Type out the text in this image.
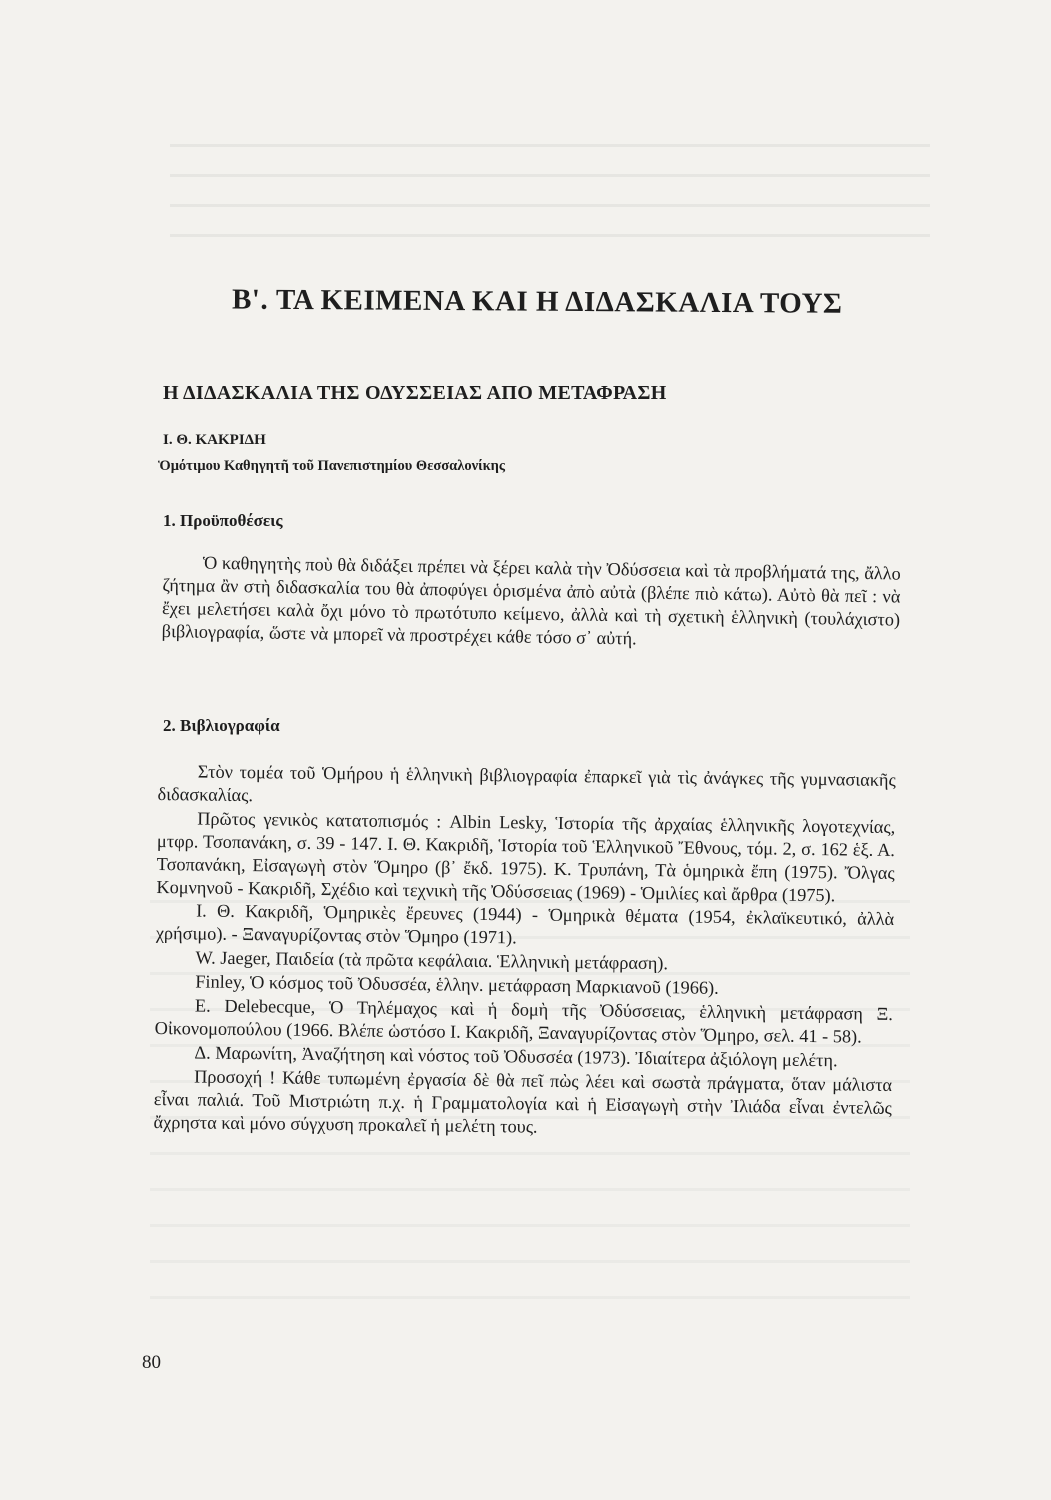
B'. ΤΑ ΚΕΙΜΕΝΑ ΚΑΙ Η ΔΙΔΑΣΚΑΛΙΑ ΤΟΥΣ
Η ΔΙΔΑΣΚΑΛΙΑ ΤΗΣ ΟΔΥΣΣΕΙΑΣ ΑΠΟ ΜΕΤΑΦΡΑΣΗ

Ι. Θ. ΚΑΚΡΙΔΗ

Ὁμότιμου Καθηγητῆ τοῦ Πανεπιστημίου Θεσσαλονίκης

1. Προϋποθέσεις

Ὁ καθηγητὴς ποὺ θὰ διδάξει πρέπει νὰ ξέρει καλὰ τὴν Ὀδύσσεια καὶ τὰ προβλήματά της, ἄλλο ζήτημα ἂν στὴ διδασκαλία του θὰ ἀποφύγει ὁρισμένα ἀπὸ αὐτὰ (βλέπε πιὸ κάτω). Αὐτὸ θὰ πεῖ : νὰ ἔχει μελετήσει καλὰ ὄχι μόνο τὸ πρωτότυπο κείμενο, ἀλλὰ καὶ τὴ σχετικὴ ἑλληνικὴ (τουλάχιστο) βιβλιογραφία, ὥστε νὰ μπορεῖ νὰ προστρέχει κάθε τόσο σ᾽ αὐτή.

2. Βιβλιογραφία

Στὸν τομέα τοῦ Ὁμήρου ἡ ἑλληνικὴ βιβλιογραφία ἐπαρκεῖ γιὰ τὶς ἀνάγκες τῆς γυμνασιακῆς διδασκαλίας.

Πρῶτος γενικὸς κατατοπισμός : Albin Lesky, Ἱστορία τῆς ἀρχαίας ἑλληνικῆς λογοτεχνίας, μτφρ. Τσοπανάκη, σ. 39 - 147. Ι. Θ. Κακριδῆ, Ἱστορία τοῦ Ἑλληνικοῦ Ἔθνους, τόμ. 2, σ. 162 ἑξ. Α. Τσοπανάκη, Εἰσαγωγὴ στὸν Ὅμηρο (β᾽ ἔκδ. 1975). Κ. Τρυπάνη, Τὰ ὁμηρικὰ ἔπη (1975). Ὄλγας Κομνηνοῦ - Κακριδῆ, Σχέδιο καὶ τεχνικὴ τῆς Ὀδύσσειας (1969) - Ὁμιλίες καὶ ἄρθρα (1975).

Ι. Θ. Κακριδῆ, Ὁμηρικὲς ἔρευνες (1944) - Ὁμηρικὰ θέματα (1954, ἐκλαϊκευτικό, ἀλλὰ χρήσιμο). - Ξαναγυρίζοντας στὸν Ὅμηρο (1971).

W. Jaeger, Παιδεία (τὰ πρῶτα κεφάλαια. Ἑλληνικὴ μετάφραση).

Finley, Ὁ κόσμος τοῦ Ὀδυσσέα, ἑλλην. μετάφραση Μαρκιανοῦ (1966).

E. Delebecque, Ὁ Τηλέμαχος καὶ ἡ δομὴ τῆς Ὀδύσσειας, ἑλληνικὴ μετάφραση Ξ. Οἰκονομοπούλου (1966. Βλέπε ὡστόσο Ι. Κακριδῆ, Ξαναγυρίζοντας στὸν Ὅμηρο, σελ. 41 - 58).

Δ. Μαρωνίτη, Ἀναζήτηση καὶ νόστος τοῦ Ὀδυσσέα (1973). Ἰδιαίτερα ἀξιόλογη μελέτη.

Προσοχή ! Κάθε τυπωμένη ἐργασία δὲ θὰ πεῖ πὼς λέει καὶ σωστὰ πράγματα, ὅταν μάλιστα εἶναι παλιά. Τοῦ Μιστριώτη π.χ. ἡ Γραμματολογία καὶ ἡ Εἰσαγωγὴ στὴν Ἰλιάδα εἶναι ἐντελῶς ἄχρηστα καὶ μόνο σύγχυση προκαλεῖ ἡ μελέτη τους.

80
